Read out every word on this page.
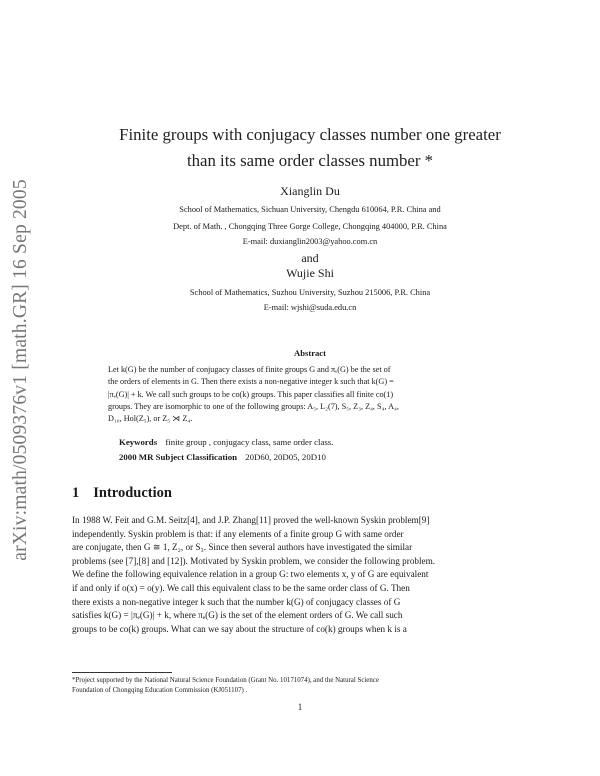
arXiv:math/0509376v1 [math.GR] 16 Sep 2005
Finite groups with conjugacy classes number one greater
than its same order classes number *
Xianglin Du
School of Mathematics, Sichuan University, Chengdu 610064, P.R. China and
Dept. of Math. , Chongqing Three Gorge College, Chongqing 404000, P.R. China
E-mail: duxianglin2003@yahoo.com.cn
and
Wujie Shi
School of Mathematics, Suzhou University, Suzhou 215006, P.R. China
E-mail: wjshi@suda.edu.cn
Abstract
Let k(G) be the number of conjugacy classes of finite groups G and πₑ(G) be the set of
the orders of elements in G. Then there exists a non-negative integer k such that k(G) =
|πₑ(G)| + k. We call such groups to be co(k) groups. This paper classifies all finite co(1)
groups. They are isomorphic to one of the following groups: A₅, L₂(7), S₅, Z₃, Z₄, S₄, A₄,
D₁₀, Hol(Z₅), or Z₅ ⋊ Z₄.
Keywords finite group , conjugacy class, same order class.
2000 MR Subject Classification 20D60, 20D05, 20D10
1 Introduction
In 1988 W. Feit and G.M. Seitz[4], and J.P. Zhang[11] proved the well-known Syskin problem[9]
independently. Syskin problem is that: if any elements of a finite group G with same order
are conjugate, then G ≅ 1, Z₂, or S₃. Since then several authors have investigated the similar
problems (see [7],[8] and [12]). Motivated by Syskin problem, we consider the following problem.
We define the following equivalence relation in a group G: two elements x, y of G are equivalent
if and only if o(x) = o(y). We call this equivalent class to be the same order class of G. Then
there exists a non-negative integer k such that the number k(G) of conjugacy classes of G
satisfies k(G) = |πₑ(G)| + k, where πₑ(G) is the set of the element orders of G. We call such
groups to be co(k) groups. What can we say about the structure of co(k) groups when k is a
*Project supported by the National Natural Science Foundation (Grant No. 10171074), and the Natural Science
Foundation of Chongqing Education Commission (KJ051107) .
1
